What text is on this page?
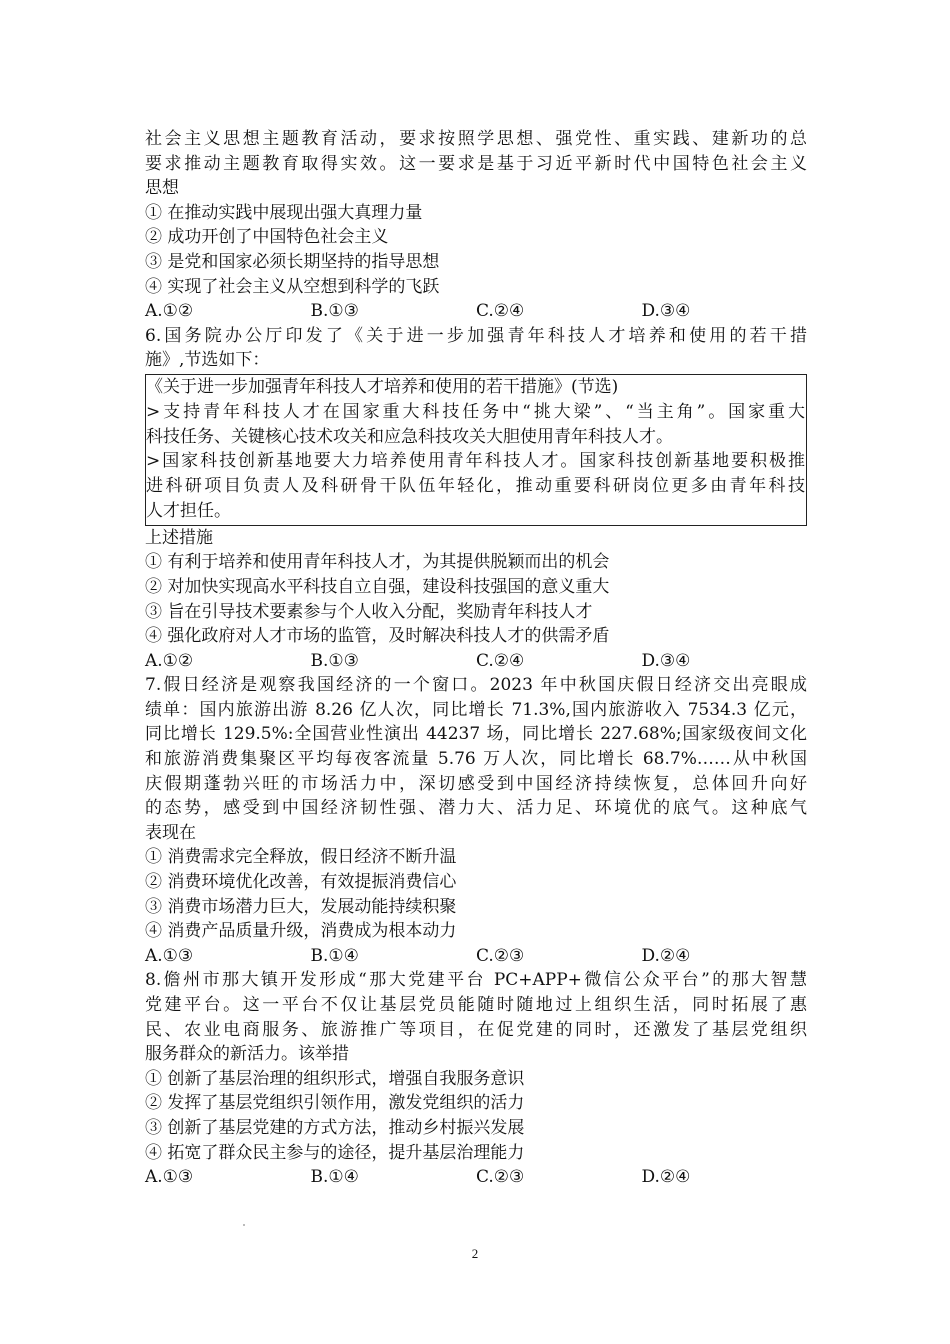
社会主义思想主题教育活动，要求按照学思想、强党性、重实践、建新功的总
要求推动主题教育取得实效。这一要求是基于习近平新时代中国特色社会主义
思想
① 在推动实践中展现出强大真理力量
② 成功开创了中国特色社会主义
③ 是党和国家必须长期坚持的指导思想
④ 实现了社会主义从空想到科学的飞跃
A.①②	B.①③	C.②④	D.③④
6.国务院办公厅印发了《关于进一步加强青年科技人才培养和使用的若干措
施》,节选如下：
《关于进一步加强青年科技人才培养和使用的若干措施》(节选)
>支持青年科技人才在国家重大科技任务中“挑大梁”、“当主角”。国家重大
科技任务、关键核心技术攻关和应急科技攻关大胆使用青年科技人才。
>国家科技创新基地要大力培养使用青年科技人才。国家科技创新基地要积极推
进科研项目负责人及科研骨干队伍年轻化，推动重要科研岗位更多由青年科技
人才担任。
上述措施
① 有利于培养和使用青年科技人才，为其提供脱颖而出的机会
② 对加快实现高水平科技自立自强，建设科技强国的意义重大
③ 旨在引导技术要素参与个人收入分配，奖励青年科技人才
④ 强化政府对人才市场的监管，及时解决科技人才的供需矛盾
A.①②	B.①③	C.②④	D.③④
7.假日经济是观察我国经济的一个窗口。2023 年中秋国庆假日经济交出亮眼成
绩单：国内旅游出游 8.26 亿人次，同比增长 71.3%,国内旅游收入 7534.3 亿元，
同比增长 129.5%:全国营业性演出 44237 场，同比增长 227.68%;国家级夜间文化
和旅游消费集聚区平均每夜客流量 5.76 万人次，同比增长 68.7%……从中秋国
庆假期蓬勃兴旺的市场活力中，深切感受到中国经济持续恢复，总体回升向好
的态势，感受到中国经济韧性强、潜力大、活力足、环境优的底气。这种底气
表现在
① 消费需求完全释放，假日经济不断升温
② 消费环境优化改善，有效提振消费信心
③ 消费市场潜力巨大，发展动能持续积聚
④ 消费产品质量升级，消费成为根本动力
A.①③	B.①④	C.②③	D.②④
8.儋州市那大镇开发形成“那大党建平台 PC+APP+微信公众平台”的那大智慧
党建平台。这一平台不仅让基层党员能随时随地过上组织生活，同时拓展了惠
民、农业电商服务、旅游推广等项目，在促党建的同时，还激发了基层党组织
服务群众的新活力。该举措
① 创新了基层治理的组织形式，增强自我服务意识
② 发挥了基层党组织引领作用，激发党组织的活力
③ 创新了基层党建的方式方法，推动乡村振兴发展
④ 拓宽了群众民主参与的途径，提升基层治理能力
A.①③	B.①④	C.②③	D.②④
2
